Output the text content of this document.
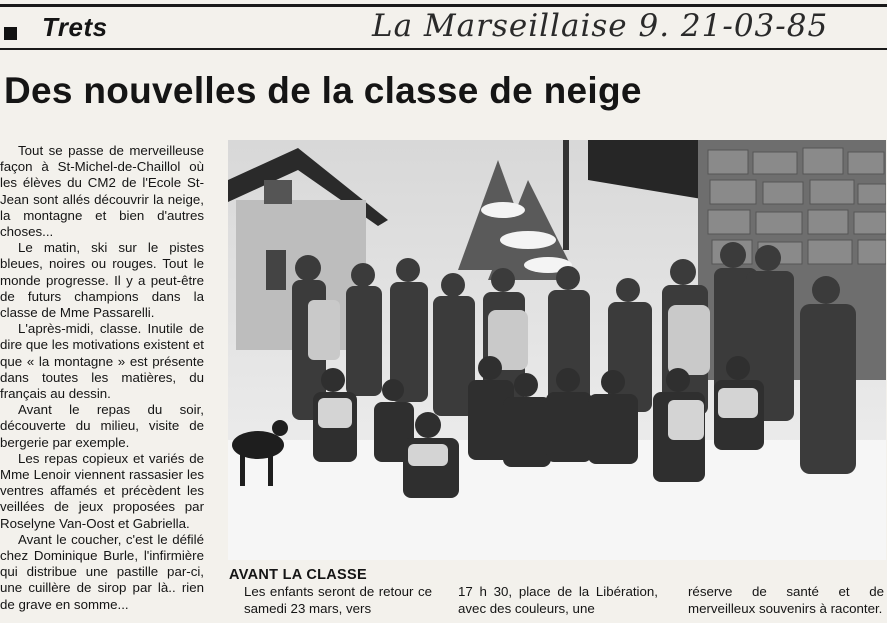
Trets	La Marseillaise 9. 21-03-85
Des nouvelles de la classe de neige

Tout se passe de merveilleuse façon à St-Michel-de-Chaillol où les élèves du CM2 de l'Ecole St-Jean sont allés découvrir la neige, la montagne et bien d'autres choses...

Le matin, ski sur le pistes bleues, noires ou rouges. Tout le monde progresse. Il y a peut-être de futurs champions dans la classe de Mme Passarelli.

L'après-midi, classe. Inutile de dire que les motivations existent et que « la montagne » est présente dans toutes les matières, du français au dessin.

Avant le repas du soir, découverte du milieu, visite de bergerie par exemple.

Les repas copieux et variés de Mme Lenoir viennent rassasier les ventres affamés et précèdent les veillées de jeux proposées par Roselyne Van-Oost et Gabriella.

Avant le coucher, c'est le défilé chez Dominique Burle, l'infirmière qui distribue une pastille par-ci, une cuillère de sirop par là.. rien de grave en somme...

AVANT LA CLASSE

Les enfants seront de retour ce samedi 23 mars, vers

17 h 30, place de la Libération, avec des couleurs, une

réserve de santé et de merveilleux souvenirs à raconter.
